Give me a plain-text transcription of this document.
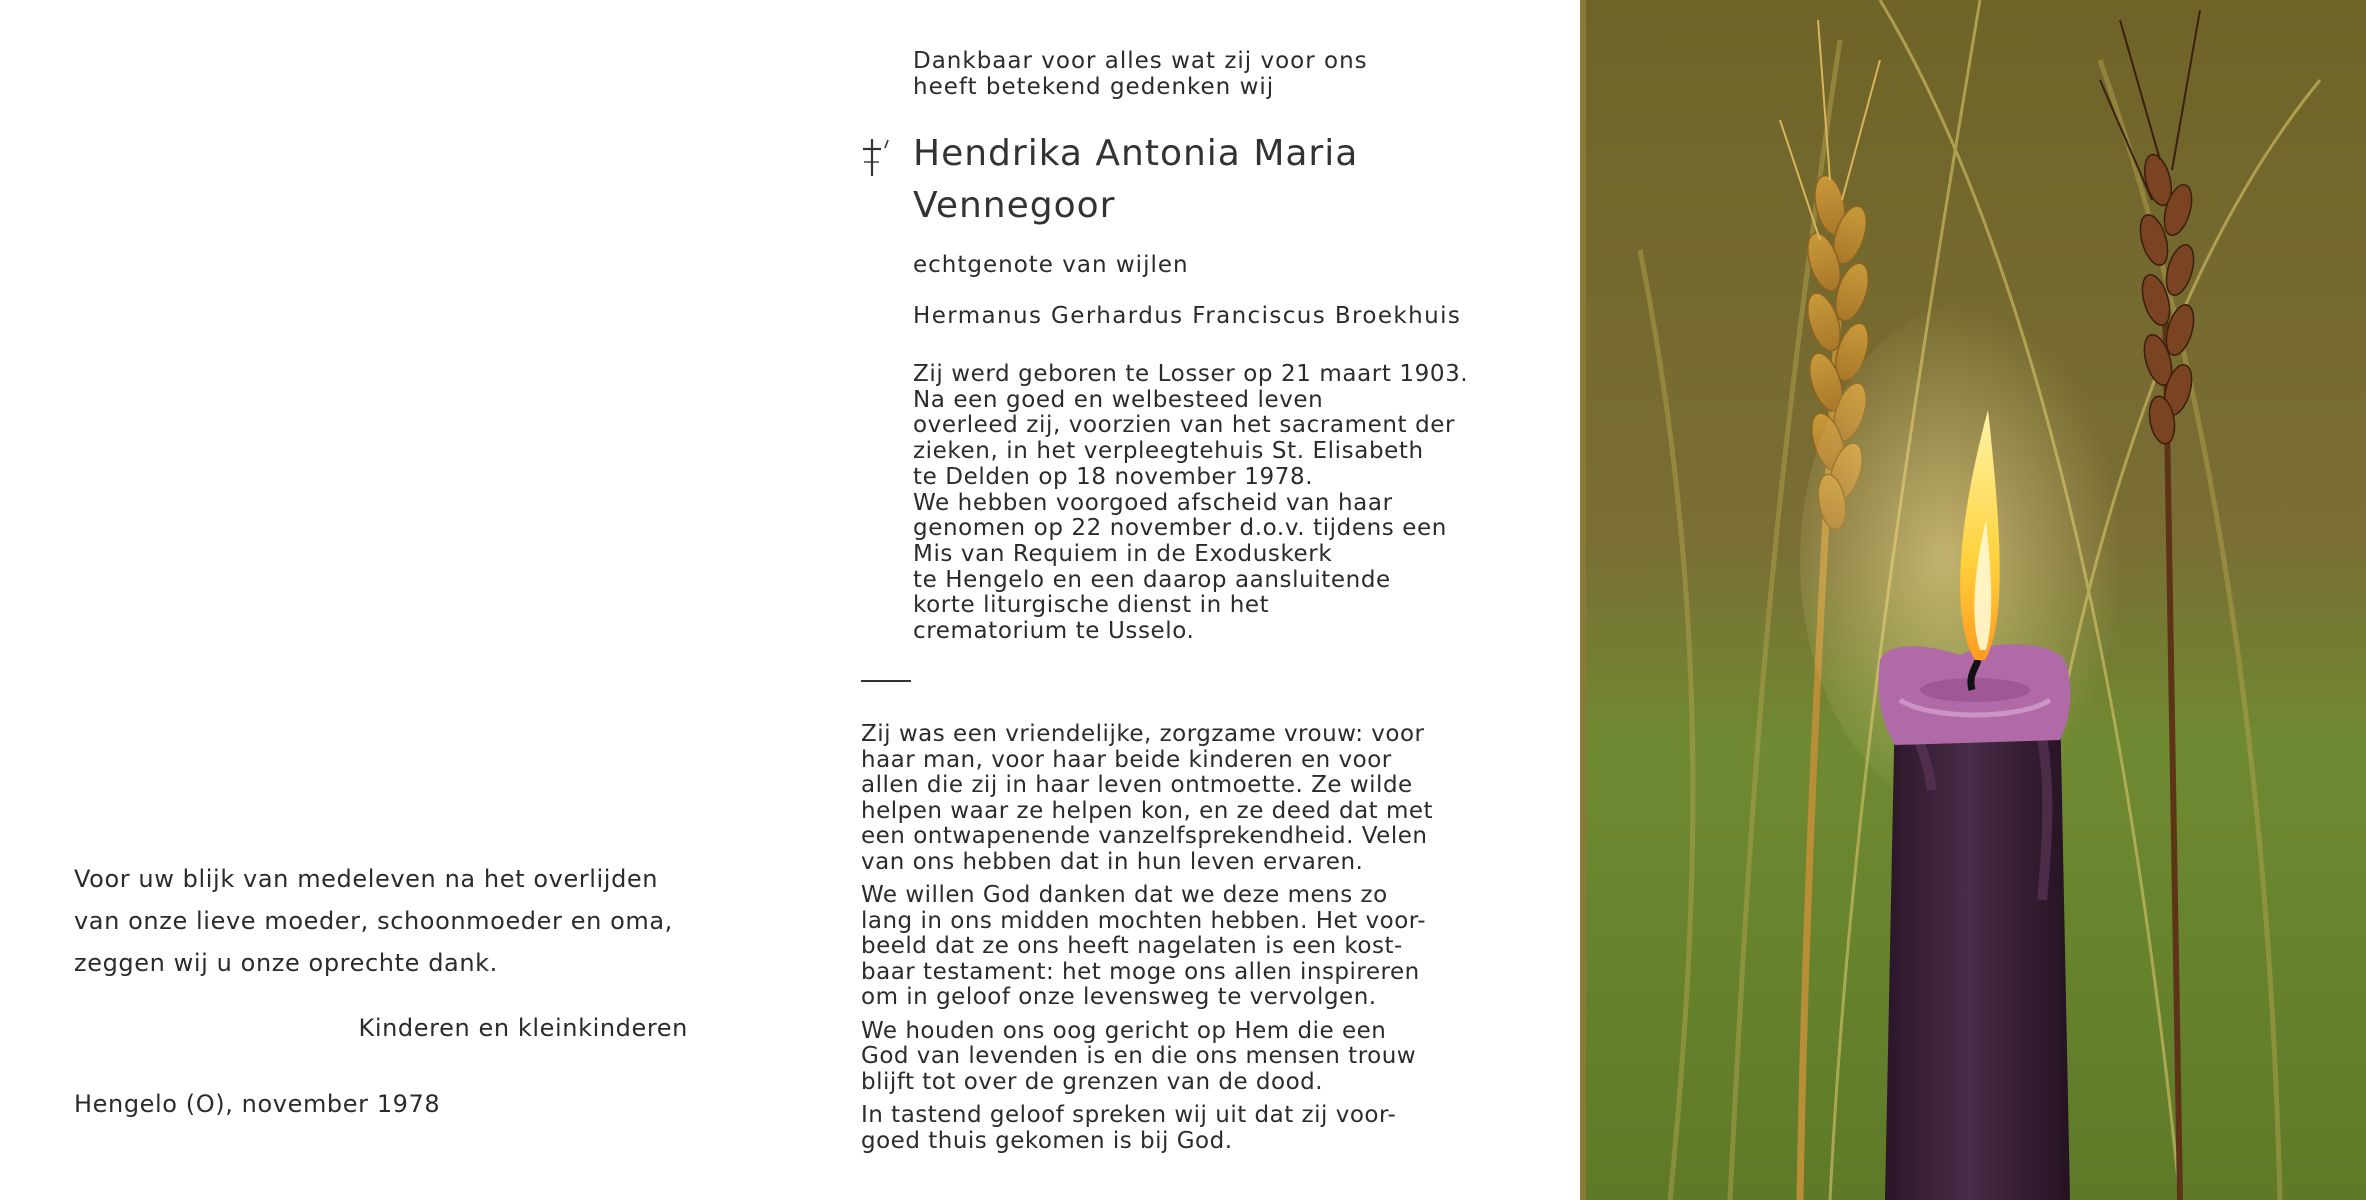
Voor uw blijk van medeleven na het overlijden
van onze lieve moeder, schoonmoeder en oma,
zeggen wij u onze oprechte dank.
Kinderen en kleinkinderen
Hengelo (O), november 1978
Dankbaar voor alles wat zij voor ons
heeft betekend gedenken wij
Hendrika Antonia Maria
Vennegoor
echtgenote van wijlen
Hermanus Gerhardus Franciscus Broekhuis

Zij werd geboren te Losser op 21 maart 1903.

Na een goed en welbesteed leven

overleed zij, voorzien van het sacrament der

zieken, in het verpleegtehuis St. Elisabeth

te Delden op 18 november 1978.

We hebben voorgoed afscheid van haar

genomen op 22 november d.o.v. tijdens een

Mis van Requiem in de Exoduskerk

te Hengelo en een daarop aansluitende

korte liturgische dienst in het

crematorium te Usselo.

Zij was een vriendelijke, zorgzame vrouw: voor
haar man, voor haar beide kinderen en voor
allen die zij in haar leven ontmoette. Ze wilde
helpen waar ze helpen kon, en ze deed dat met
een ontwapenende vanzelfsprekendheid. Velen
van ons hebben dat in hun leven ervaren.
We willen God danken dat we deze mens zo
lang in ons midden mochten hebben. Het voor-
beeld dat ze ons heeft nagelaten is een kost-
baar testament: het moge ons allen inspireren
om in geloof onze levensweg te vervolgen.
We houden ons oog gericht op Hem die een
God van levenden is en die ons mensen trouw
blijft tot over de grenzen van de dood.
In tastend geloof spreken wij uit dat zij voor-
goed thuis gekomen is bij God.
